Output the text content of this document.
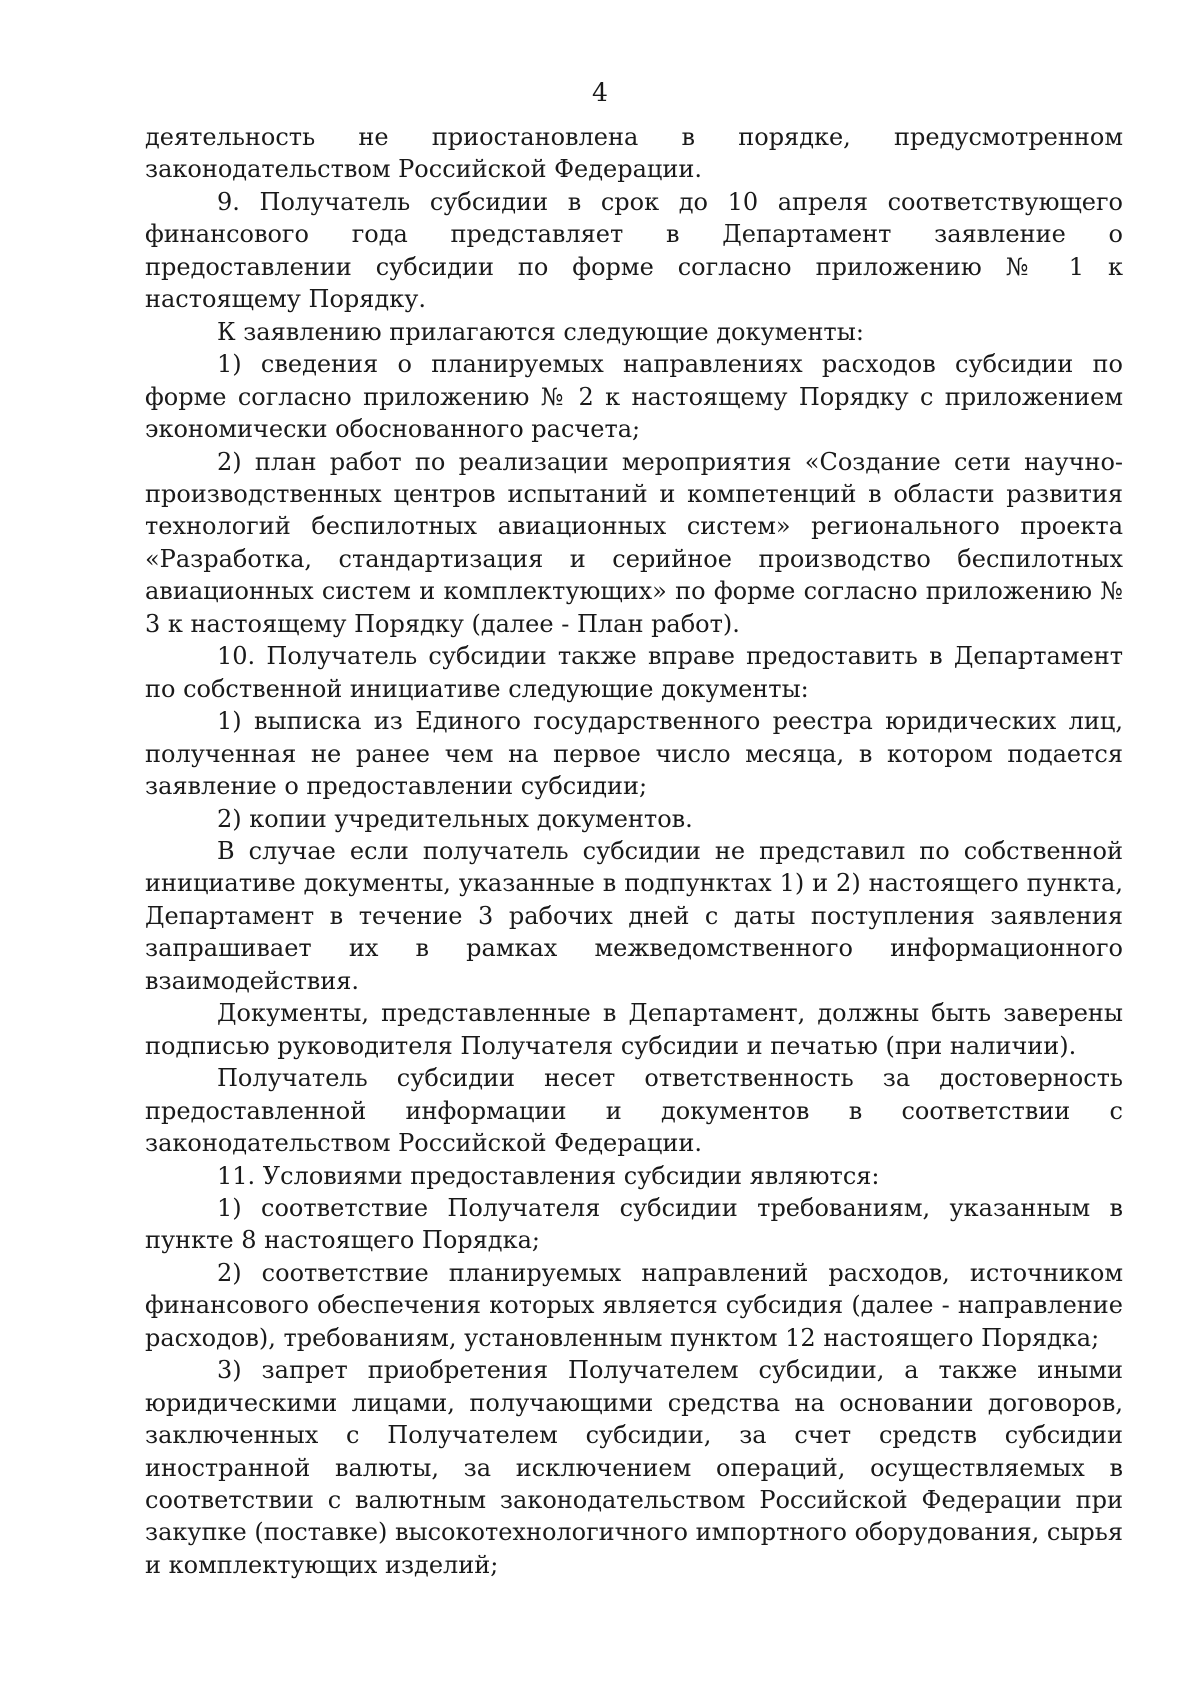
4

деятельность не приостановлена в порядке, предусмотренном законодательством Российской Федерации.

9. Получатель субсидии в срок до 10 апреля соответствующего финансового года представляет в Департамент заявление о предоставлении субсидии по форме согласно приложению № 1 к настоящему Порядку.

К заявлению прилагаются следующие документы:

1) сведения о планируемых направлениях расходов субсидии по форме согласно приложению № 2 к настоящему Порядку с приложением экономически обоснованного расчета;

2) план работ по реализации мероприятия «Создание сети научно-производственных центров испытаний и компетенций в области развития технологий беспилотных авиационных систем» регионального проекта «Разработка, стандартизация и серийное производство беспилотных авиационных систем и комплектующих» по форме согласно приложению № 3 к настоящему Порядку (далее - План работ).

10. Получатель субсидии также вправе предоставить в Департамент по собственной инициативе следующие документы:

1) выписка из Единого государственного реестра юридических лиц, полученная не ранее чем на первое число месяца, в котором подается заявление о предоставлении субсидии;

2) копии учредительных документов.

В случае если получатель субсидии не представил по собственной инициативе документы, указанные в подпунктах 1) и 2) настоящего пункта, Департамент в течение 3 рабочих дней с даты поступления заявления запрашивает их в рамках межведомственного информационного взаимодействия.

Документы, представленные в Департамент, должны быть заверены подписью руководителя Получателя субсидии и печатью (при наличии).

Получатель субсидии несет ответственность за достоверность предоставленной информации и документов в соответствии с законодательством Российской Федерации.

11. Условиями предоставления субсидии являются:

1) соответствие Получателя субсидии требованиям, указанным в пункте 8 настоящего Порядка;

2) соответствие планируемых направлений расходов, источником финансового обеспечения которых является субсидия (далее - направление расходов), требованиям, установленным пунктом 12 настоящего Порядка;

3) запрет приобретения Получателем субсидии, а также иными юридическими лицами, получающими средства на основании договоров, заключенных с Получателем субсидии, за счет средств субсидии иностранной валюты, за исключением операций, осуществляемых в соответствии с валютным законодательством Российской Федерации при закупке (поставке) высокотехнологичного импортного оборудования, сырья и комплектующих изделий;
